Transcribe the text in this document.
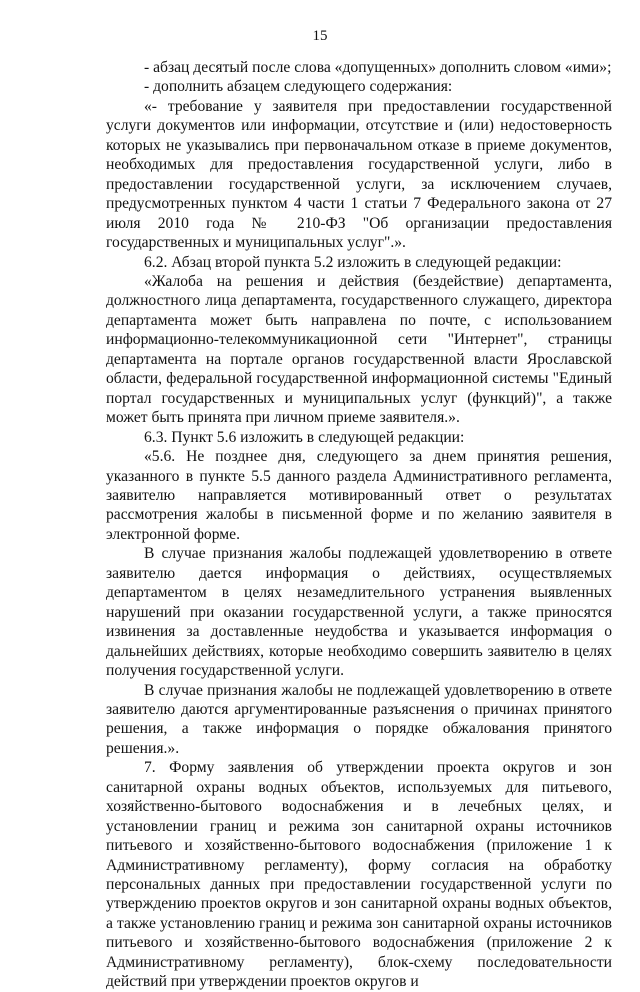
15

- абзац десятый после слова «допущенных» дополнить словом «ими»;

- дополнить абзацем следующего содержания:

«- требование у заявителя при предоставлении государственной услуги документов или информации, отсутствие и (или) недостоверность которых не указывались при первоначальном отказе в приеме документов, необходимых для предоставления государственной услуги, либо в предоставлении государственной услуги, за исключением случаев, предусмотренных пунктом 4 части 1 статьи 7 Федерального закона от 27 июля 2010 года № 210-ФЗ "Об организации предоставления государственных и муниципальных услуг".».

6.2. Абзац второй пункта 5.2 изложить в следующей редакции:

«Жалоба на решения и действия (бездействие) департамента, должностного лица департамента, государственного служащего, директора департамента может быть направлена по почте, с использованием информационно-телекоммуникационной сети "Интернет", страницы департамента на портале органов государственной власти Ярославской области, федеральной государственной информационной системы "Единый портал государственных и муниципальных услуг (функций)", а также может быть принята при личном приеме заявителя.».

6.3. Пункт 5.6 изложить в следующей редакции:

«5.6. Не позднее дня, следующего за днем принятия решения, указанного в пункте 5.5 данного раздела Административного регламента, заявителю направляется мотивированный ответ о результатах рассмотрения жалобы в письменной форме и по желанию заявителя в электронной форме.

В случае признания жалобы подлежащей удовлетворению в ответе заявителю дается информация о действиях, осуществляемых департаментом в целях незамедлительного устранения выявленных нарушений при оказании государственной услуги, а также приносятся извинения за доставленные неудобства и указывается информация о дальнейших действиях, которые необходимо совершить заявителю в целях получения государственной услуги.

В случае признания жалобы не подлежащей удовлетворению в ответе заявителю даются аргументированные разъяснения о причинах принятого решения, а также информация о порядке обжалования принятого решения.».

7. Форму заявления об утверждении проекта округов и зон санитарной охраны водных объектов, используемых для питьевого, хозяйственно-бытового водоснабжения и в лечебных целях, и установлении границ и режима зон санитарной охраны источников питьевого и хозяйственно-бытового водоснабжения (приложение 1 к Административному регламенту), форму согласия на обработку персональных данных при предоставлении государственной услуги по утверждению проектов округов и зон санитарной охраны водных объектов, а также установлению границ и режима зон санитарной охраны источников питьевого и хозяйственно-бытового водоснабжения (приложение 2 к Административному регламенту), блок-схему последовательности действий при утверждении проектов округов и
